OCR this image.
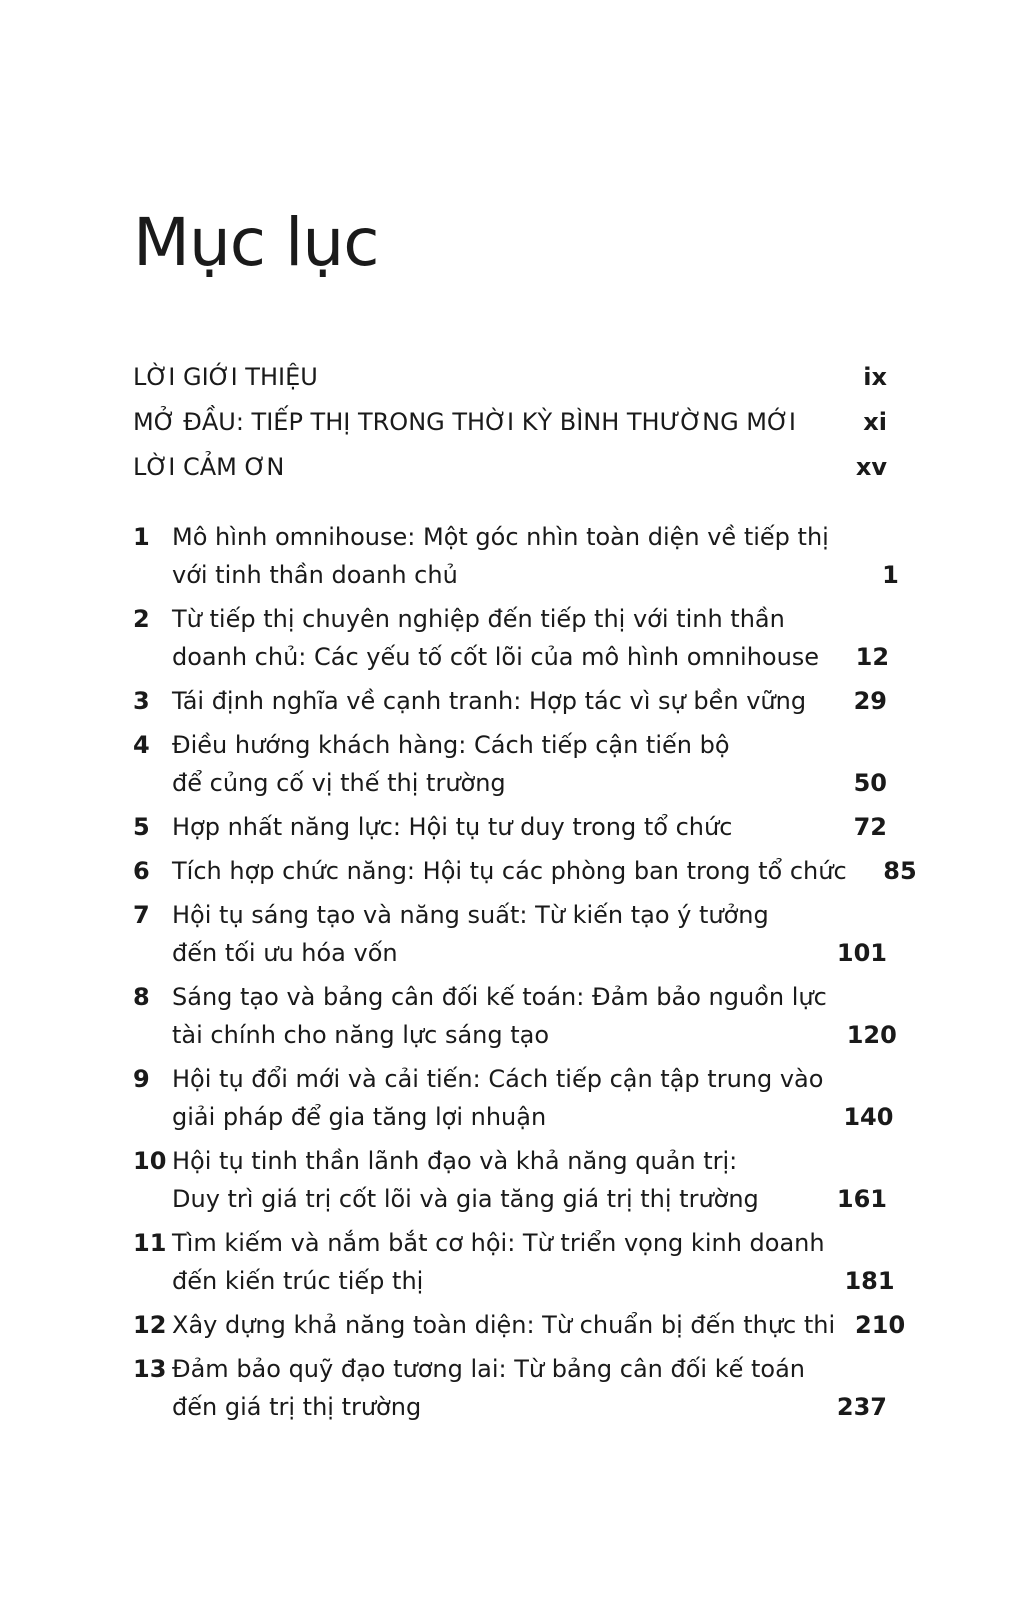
Mục lục
LỜI GIỚI THIỆU	ix
MỞ ĐẦU: TIẾP THỊ TRONG THỜI KỲ BÌNH THƯỜNG MỚI	xi
LỜI CẢM ƠN	xv
1 Mô hình omnihouse: Một góc nhìn toàn diện về tiếp thị
với tinh thần doanh chủ	1
2 Từ tiếp thị chuyên nghiệp đến tiếp thị với tinh thần
doanh chủ: Các yếu tố cốt lõi của mô hình omnihouse	12
3 Tái định nghĩa về cạnh tranh: Hợp tác vì sự bền vững	29
4 Điều hướng khách hàng: Cách tiếp cận tiến bộ
để củng cố vị thế thị trường	50
5 Hợp nhất năng lực: Hội tụ tư duy trong tổ chức	72
6 Tích hợp chức năng: Hội tụ các phòng ban trong tổ chức	85
7 Hội tụ sáng tạo và năng suất: Từ kiến tạo ý tưởng
đến tối ưu hóa vốn	101
8 Sáng tạo và bảng cân đối kế toán: Đảm bảo nguồn lực
tài chính cho năng lực sáng tạo	120
9 Hội tụ đổi mới và cải tiến: Cách tiếp cận tập trung vào
giải pháp để gia tăng lợi nhuận	140
10 Hội tụ tinh thần lãnh đạo và khả năng quản trị:
Duy trì giá trị cốt lõi và gia tăng giá trị thị trường	161
11 Tìm kiếm và nắm bắt cơ hội: Từ triển vọng kinh doanh
đến kiến trúc tiếp thị	181
12 Xây dựng khả năng toàn diện: Từ chuẩn bị đến thực thi 210
13 Đảm bảo quỹ đạo tương lai: Từ bảng cân đối kế toán
đến giá trị thị trường	237
